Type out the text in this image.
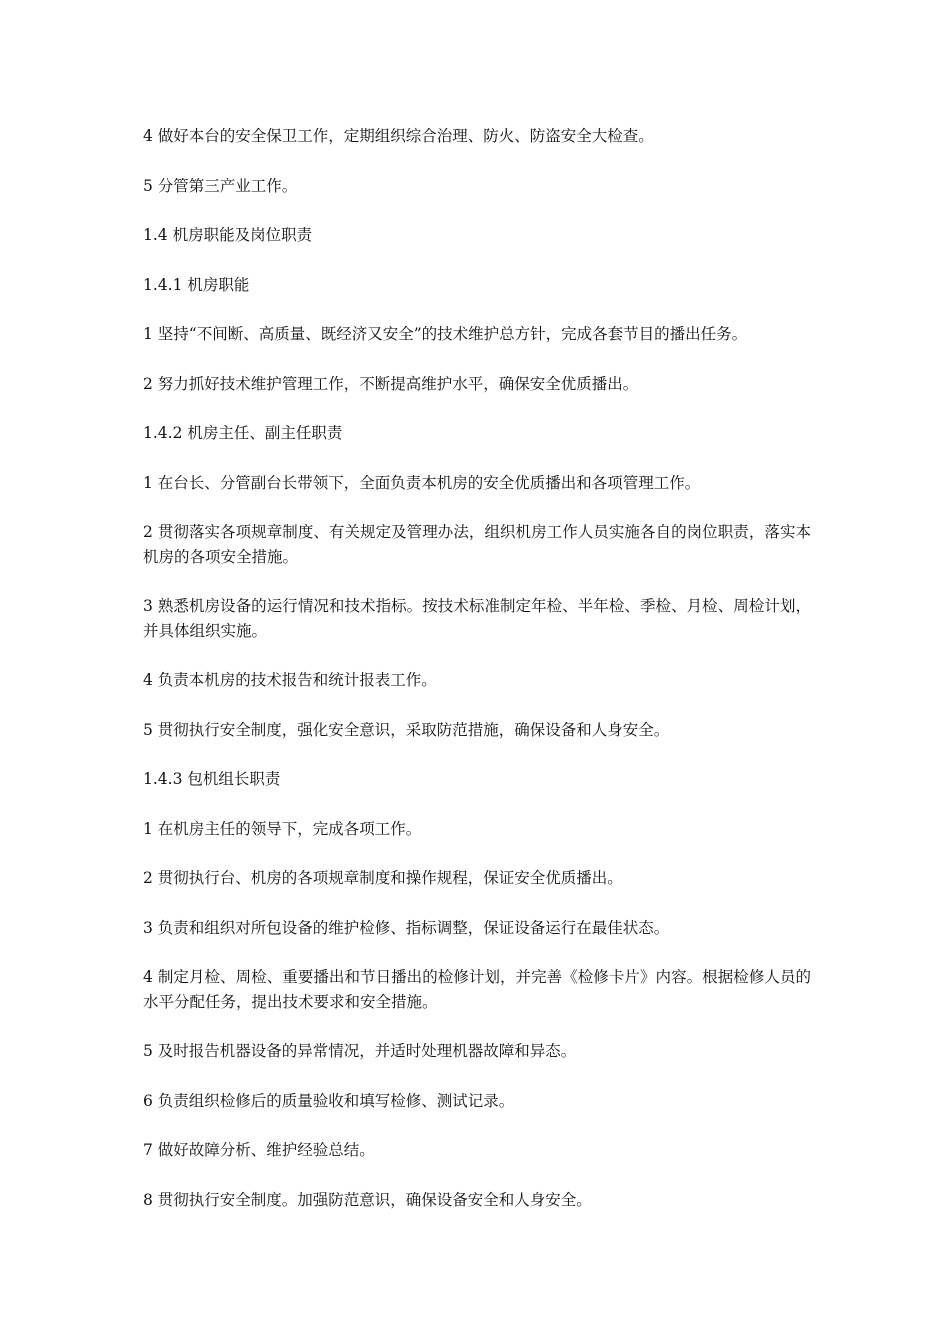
4 做好本台的安全保卫工作，定期组织综合治理、防火、防盗安全大检查。

5 分管第三产业工作。

1.4 机房职能及岗位职责

1.4.1 机房职能

1 坚持“不间断、高质量、既经济又安全”的技术维护总方针，完成各套节目的播出任务。

2 努力抓好技术维护管理工作，不断提高维护水平，确保安全优质播出。

1.4.2 机房主任、副主任职责

1 在台长、分管副台长带领下，全面负责本机房的安全优质播出和各项管理工作。

2 贯彻落实各项规章制度、有关规定及管理办法，组织机房工作人员实施各自的岗位职责，落实本机房的各项安全措施。

3 熟悉机房设备的运行情况和技术指标。按技术标准制定年检、半年检、季检、月检、周检计划，并具体组织实施。

4 负责本机房的技术报告和统计报表工作。

5 贯彻执行安全制度，强化安全意识，采取防范措施，确保设备和人身安全。

1.4.3 包机组长职责

1 在机房主任的领导下，完成各项工作。

2 贯彻执行台、机房的各项规章制度和操作规程，保证安全优质播出。

3 负责和组织对所包设备的维护检修、指标调整，保证设备运行在最佳状态。

4 制定月检、周检、重要播出和节日播出的检修计划，并完善《检修卡片》内容。根据检修人员的水平分配任务，提出技术要求和安全措施。

5 及时报告机器设备的异常情况，并适时处理机器故障和异态。

6 负责组织检修后的质量验收和填写检修、测试记录。

7 做好故障分析、维护经验总结。

8 贯彻执行安全制度。加强防范意识，确保设备安全和人身安全。
